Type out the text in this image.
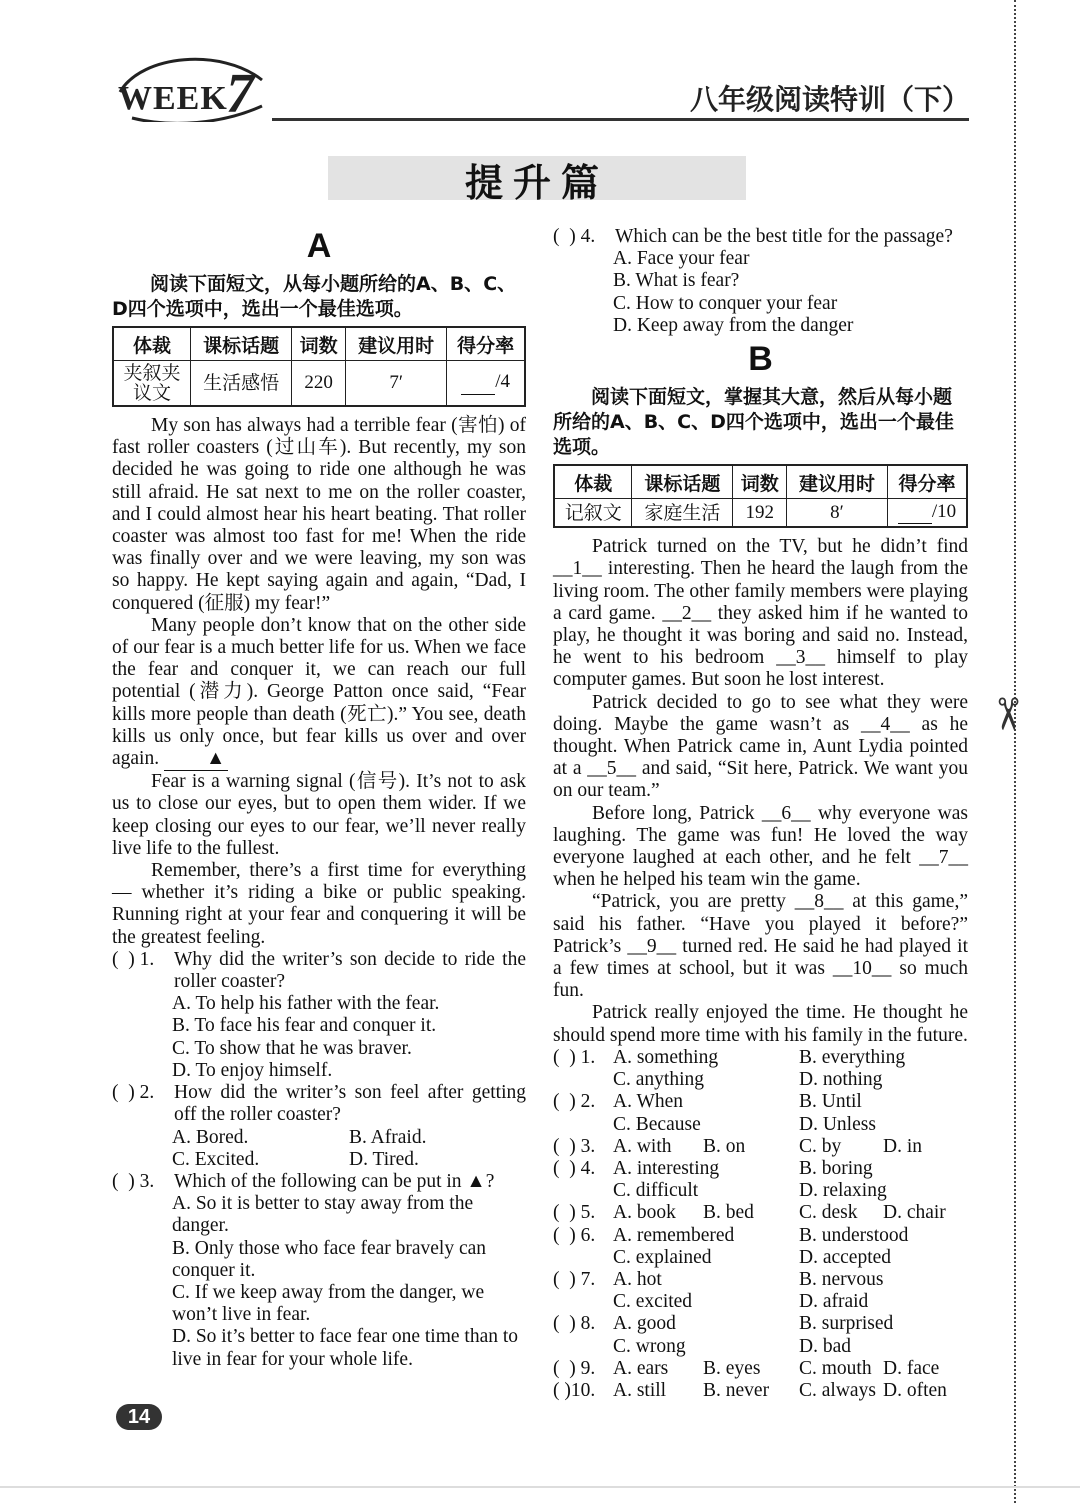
WEEK
7	八年级阅读特训（下）
提升篇
✂
A
阅读下面短文，从每小题所给的A、B、C、D四个选项中，选出一个最佳选项。
体裁	课标话题	词数	建议用时	得分率
夹叙夹议文	生活感悟	220	7′	/4

My son has always had a terrible fear (害怕) of fast roller coasters (过山车). But recently, my son decided he was going to ride one although he was still afraid. He sat next to me on the roller coaster, and I could almost hear his heart beating. That roller coaster was almost too fast for me! When the ride was finally over and we were leaving, my son was so happy. He kept saying again and again, “Dad, I conquered (征服) my fear!”

Many people don’t know that on the other side of our fear is a much better life for us. When we face the fear and conquer it, we can reach our full potential (潜力). George Patton once said, “Fear kills more people than death (死亡).” You see, death kills us only once, but fear kills us over and over again. ▲

Fear is a warning signal (信号). It’s not to ask us to close our eyes, but to open them wider. If we keep closing our eyes to our fear, we’ll never really live life to the fullest.

Remember, there’s a first time for everything — whether it’s riding a bike or public speaking. Running right at your fear and conquering it will be the greatest feeling.

(  ) 1.	Why did the writer’s son decide to ride the roller coaster?
A. To help his father with the fear.
B. To face his fear and conquer it.
C. To show that he was braver.
D. To enjoy himself.
(  ) 2.	How did the writer’s son feel after getting off the roller coaster?
A. Bored.	B. Afraid.
C. Excited.	D. Tired.
(  ) 3.	Which of the following can be put in ▲?
A. So it is better to stay away from the danger.
B. Only those who face fear bravely can conquer it.
C. If we keep away from the danger, we won’t live in fear.
D. So it’s better to face fear one time than to live in fear for your whole life.
(  ) 4.	Which can be the best title for the passage?
A. Face your fear
B. What is fear?
C. How to conquer your fear
D. Keep away from the danger
B
阅读下面短文，掌握其大意，然后从每小题所给的A、B、C、D四个选项中，选出一个最佳选项。
体裁	课标话题	词数	建议用时	得分率
记叙文	家庭生活	192	8′	/10

Patrick turned on the TV, but he didn’t find __1__ interesting. Then he heard the laugh from the living room. The other family members were playing a card game. __2__ they asked him if he wanted to play, he thought it was boring and said no. Instead, he went to his bedroom __3__ himself to play computer games. But soon he lost interest.

Patrick decided to go to see what they were doing. Maybe the game wasn’t as __4__ as he thought. When Patrick came in, Aunt Lydia pointed at a __5__ and said, “Sit here, Patrick. We want you on our team.”

Before long, Patrick __6__ why everyone was laughing. The game was fun! He loved the way everyone laughed at each other, and he felt __7__ when he helped his team win the game.

“Patrick, you are pretty __8__ at this game,” said his father. “Have you played it before?” Patrick’s __9__ turned red. He said he had played it a few times at school, but it was __10__ so much fun.

Patrick really enjoyed the time. He thought he should spend more time with his family in the future.

(  ) 1. A. something	B. everything
C. anything	D. nothing
(  ) 2. A. When	B. Until
C. Because	D. Unless
(  ) 3. A. with	B. on	C. by	D. in
(  ) 4. A. interesting	B. boring
C. difficult	D. relaxing
(  ) 5. A. book	B. bed	C. desk	D. chair
(  ) 6. A. remembered	B. understood
C. explained	D. accepted
(  ) 7. A. hot	B. nervous
C. excited	D. afraid
(  ) 8. A. good	B. surprised
C. wrong	D. bad
(  ) 9. A. ears	B. eyes	C. mouth D. face
( )10. A. still	B. never	C. always D. often
14
